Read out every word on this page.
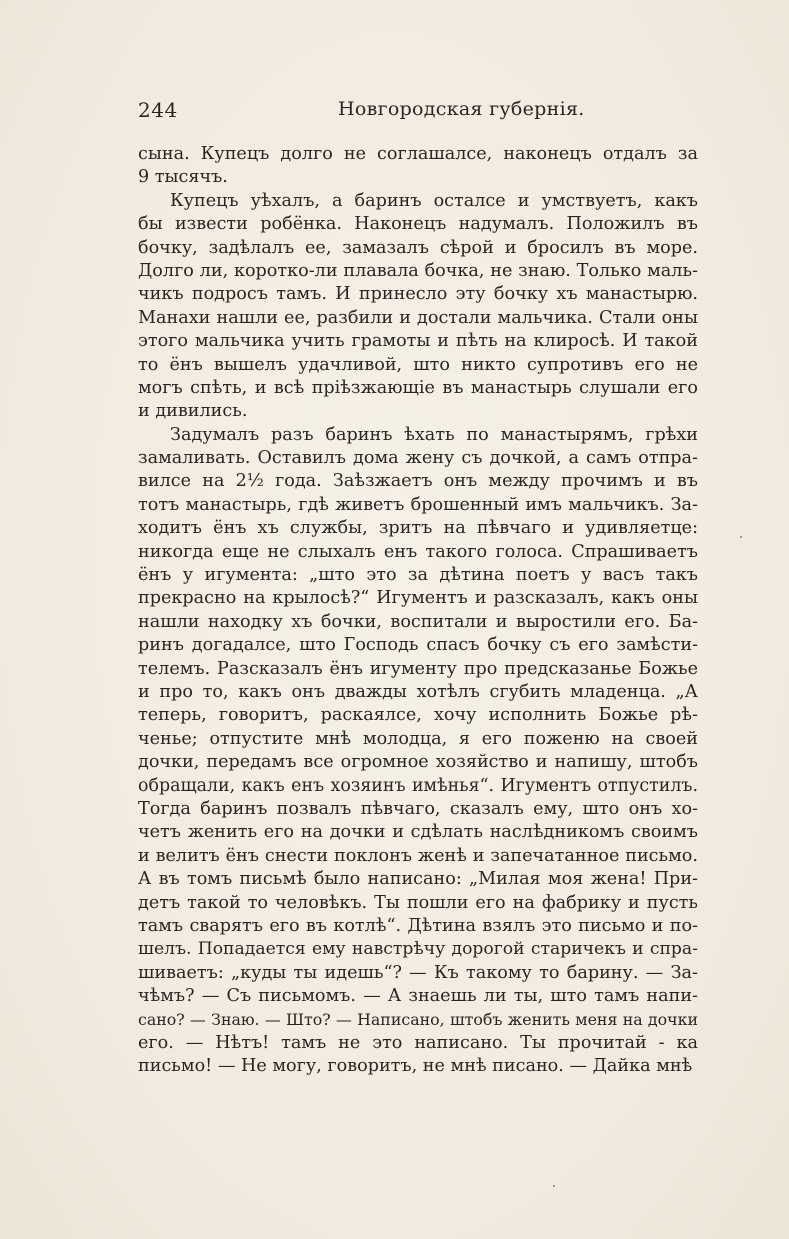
244	Новгородская губернія.
сына. Купецъ долго не соглашалсе, наконецъ отдалъ за
9 тысячъ.
Купецъ уѣхалъ, а баринъ осталсе и умствуетъ, какъ
бы извести робёнка. Наконецъ надумалъ. Положилъ въ
бочку, задѣлалъ ее, замазалъ сѣрой и бросилъ въ море.
Долго ли, коротко-ли плавала бочка, не знаю. Только маль-
чикъ подросъ тамъ. И принесло эту бочку хъ манастырю.
Манахи нашли ее, разбили и достали мальчика. Стали оны
этого мальчика учить грамоты и пѣть на клиросѣ. И такой
то ёнъ вышелъ удачливой, што никто супротивъ его не
могъ спѣть, и всѣ пріѣзжающіе въ манастырь слушали его
и дивились.
Задумалъ разъ баринъ ѣхать по манастырямъ, грѣхи
замаливать. Оставилъ дома жену съ дочкой, а самъ отпра-
вилсе на 2½ года. Заѣзжаетъ онъ между прочимъ и въ
тотъ манастырь, гдѣ живетъ брошенный имъ мальчикъ. За-
ходитъ ёнъ хъ службы, зритъ на пѣвчаго и удивляетце:
никогда еще не слыхалъ енъ такого голоса. Спрашиваетъ
ёнъ у игумента: „што это за дѣтина поетъ у васъ такъ
прекрасно на крылосѣ?“ Игументъ и разсказалъ, какъ оны
нашли находку хъ бочки, воспитали и выростили его. Ба-
ринъ догадалсе, што Господь спасъ бочку съ его замѣсти-
телемъ. Разсказалъ ёнъ игументу про предсказанье Божье
и про то, какъ онъ дважды хотѣлъ сгубить младенца. „А
теперь, говоритъ, раскаялсе, хочу исполнить Божье рѣ-
ченье; отпустите мнѣ молодца, я его поженю на своей
дочки, передамъ все огромное хозяйство и напишу, штобъ
обращали, какъ енъ хозяинъ имѣнья“. Игументъ отпустилъ.
Тогда баринъ позвалъ пѣвчаго, сказалъ ему, што онъ хо-
четъ женить его на дочки и сдѣлать наслѣдникомъ своимъ
и велитъ ёнъ снести поклонъ женѣ и запечатанное письмо.
А въ томъ письмѣ было написано: „Милая моя жена! При-
детъ такой то человѣкъ. Ты пошли его на фабрику и пусть
тамъ сварятъ его въ котлѣ“. Дѣтина взялъ это письмо и по-
шелъ. Попадается ему навстрѣчу дорогой старичекъ и спра-
шиваетъ: „куды ты идешь“? — Къ такому то барину. — За-
чѣмъ? — Съ письмомъ. — А знаешь ли ты, што тамъ напи-
сано? — Знаю. — Што? — Написано, штобъ женить меня на дочки
его. — Нѣтъ! тамъ не это написано. Ты прочитай - ка
письмо! — Не могу, говоритъ, не мнѣ писано. — Дайка мнѣ
